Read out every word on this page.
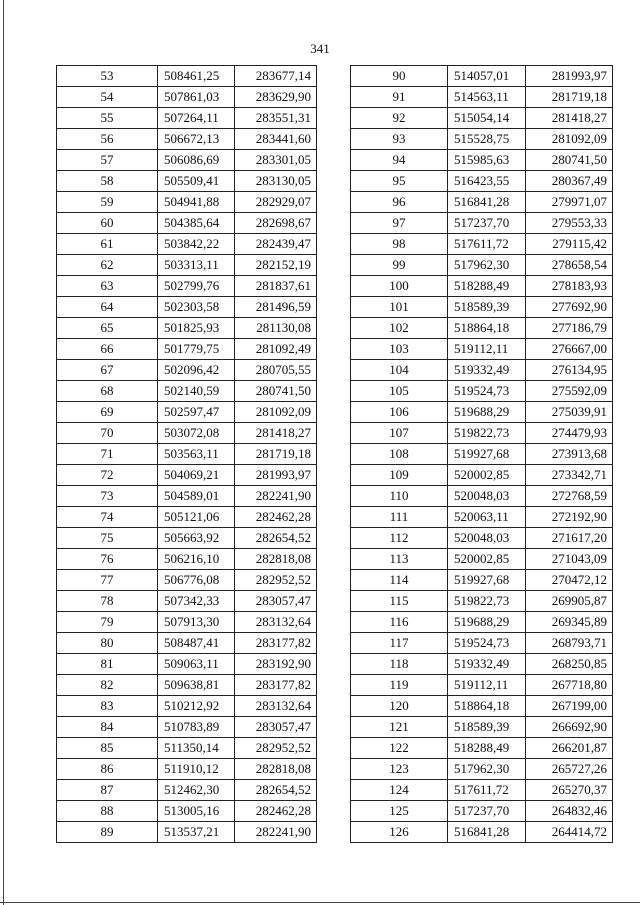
341
53	508461,25	283677,14
54	507861,03	283629,90
55	507264,11	283551,31
56	506672,13	283441,60
57	506086,69	283301,05
58	505509,41	283130,05
59	504941,88	282929,07
60	504385,64	282698,67
61	503842,22	282439,47
62	503313,11	282152,19
63	502799,76	281837,61
64	502303,58	281496,59
65	501825,93	281130,08
66	501779,75	281092,49
67	502096,42	280705,55
68	502140,59	280741,50
69	502597,47	281092,09
70	503072,08	281418,27
71	503563,11	281719,18
72	504069,21	281993,97
73	504589,01	282241,90
74	505121,06	282462,28
75	505663,92	282654,52
76	506216,10	282818,08
77	506776,08	282952,52
78	507342,33	283057,47
79	507913,30	283132,64
80	508487,41	283177,82
81	509063,11	283192,90
82	509638,81	283177,82
83	510212,92	283132,64
84	510783,89	283057,47
85	511350,14	282952,52
86	511910,12	282818,08
87	512462,30	282654,52
88	513005,16	282462,28
89	513537,21	282241,90
90	514057,01	281993,97
91	514563,11	281719,18
92	515054,14	281418,27
93	515528,75	281092,09
94	515985,63	280741,50
95	516423,55	280367,49
96	516841,28	279971,07
97	517237,70	279553,33
98	517611,72	279115,42
99	517962,30	278658,54
100	518288,49	278183,93
101	518589,39	277692,90
102	518864,18	277186,79
103	519112,11	276667,00
104	519332,49	276134,95
105	519524,73	275592,09
106	519688,29	275039,91
107	519822,73	274479,93
108	519927,68	273913,68
109	520002,85	273342,71
110	520048,03	272768,59
111	520063,11	272192,90
112	520048,03	271617,20
113	520002,85	271043,09
114	519927,68	270472,12
115	519822,73	269905,87
116	519688,29	269345,89
117	519524,73	268793,71
118	519332,49	268250,85
119	519112,11	267718,80
120	518864,18	267199,00
121	518589,39	266692,90
122	518288,49	266201,87
123	517962,30	265727,26
124	517611,72	265270,37
125	517237,70	264832,46
126	516841,28	264414,72
